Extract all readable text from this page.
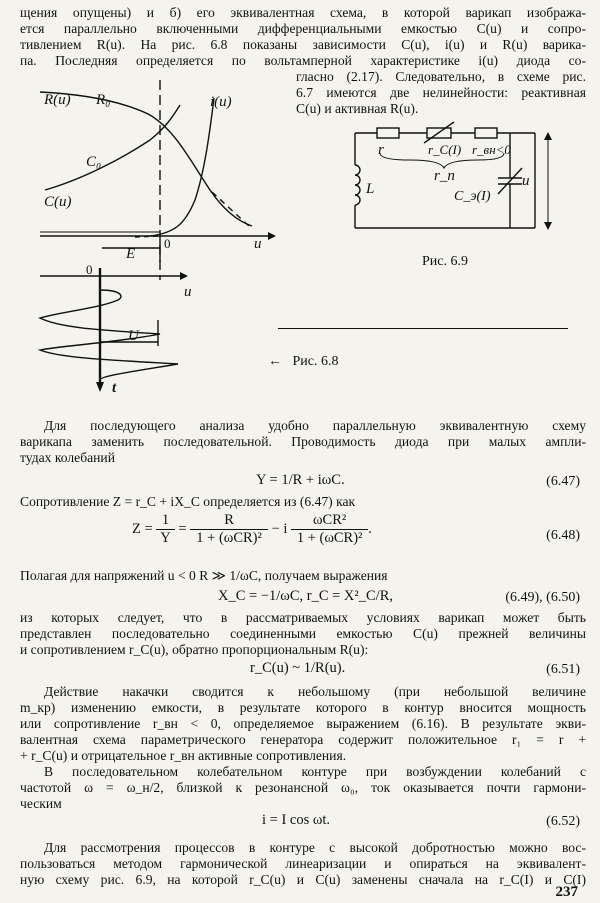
щения опущены) и б) его эквивалентная схема, в которой варикап изобража-
ется параллельно включенными дифференциальными емкостью C(u) и сопро-
тивлением R(u). На рис. 6.8 показаны зависимости C(u), i(u) и R(u) варика-
па. Последняя определяется по вольтамперной характеристике i(u) диода со-
гласно (2.17). Следовательно, в схеме рис.
6.7 имеются две нелинейности: реактивная
C(u) и активная R(u).
R(u) R₀	i(u)
C₀
C(u)
0
E
u
0
u
U
t
←   Рис. 6.8
r	r_C(I) r_вн<0
r_n
L	C_э(I)
u
Рис. 6.9
Для последующего анализа удобно параллельную эквивалентную схему
варикапа заменить последовательной. Проводимость диода при малых ампли-
тудах колебаний
Y = 1/R + iωC.	(6.47)
Сопротивление Z = r_C + iX_C определяется из (6.47) как
$Z = \frac{1}{Y} = \frac{R}{\text{1 + (ωCR)²}} - i \frac{\text{ωCR²}}{\text{1 + (ωCR)²}}$ .	(6.48)
Полагая для напряжений u < 0 R ≫ 1/ωC, получаем выражения
X_C = −1/ωC, r_C = X²_C/R,	(6.49), (6.50)
из которых следует, что в рассматриваемых условиях варикап может быть
представлен последовательно соединенными емкостью C(u) прежней величины
и сопротивлением r_C(u), обратно пропорциональным R(u):
r_C(u) ~ 1/R(u).	(6.51)
Действие накачки сводится к небольшому (при небольшой величине
m_кр) изменению емкости, в результате которого в контур вносится мощность
или сопротивление r_вн < 0, определяемое выражением (6.16). В результате экви-
валентная схема параметрического генератора содержит положительное r₁ = r +
+ r_C(u) и отрицательное r_вн активные сопротивления.
В последовательном колебательном контуре при возбуждении колебаний с
частотой ω = ω_н/2, близкой к резонансной ω₀, ток оказывается почти гармони-
ческим
i = I cos ωt.	(6.52)
Для рассмотрения процессов в контуре с высокой добротностью можно вос-
пользоваться методом гармонической линеаризации и опираться на эквивалент-
ную схему рис. 6.9, на которой r_C(u) и C(u) заменены сначала на r_C(I) и C(I)
237
